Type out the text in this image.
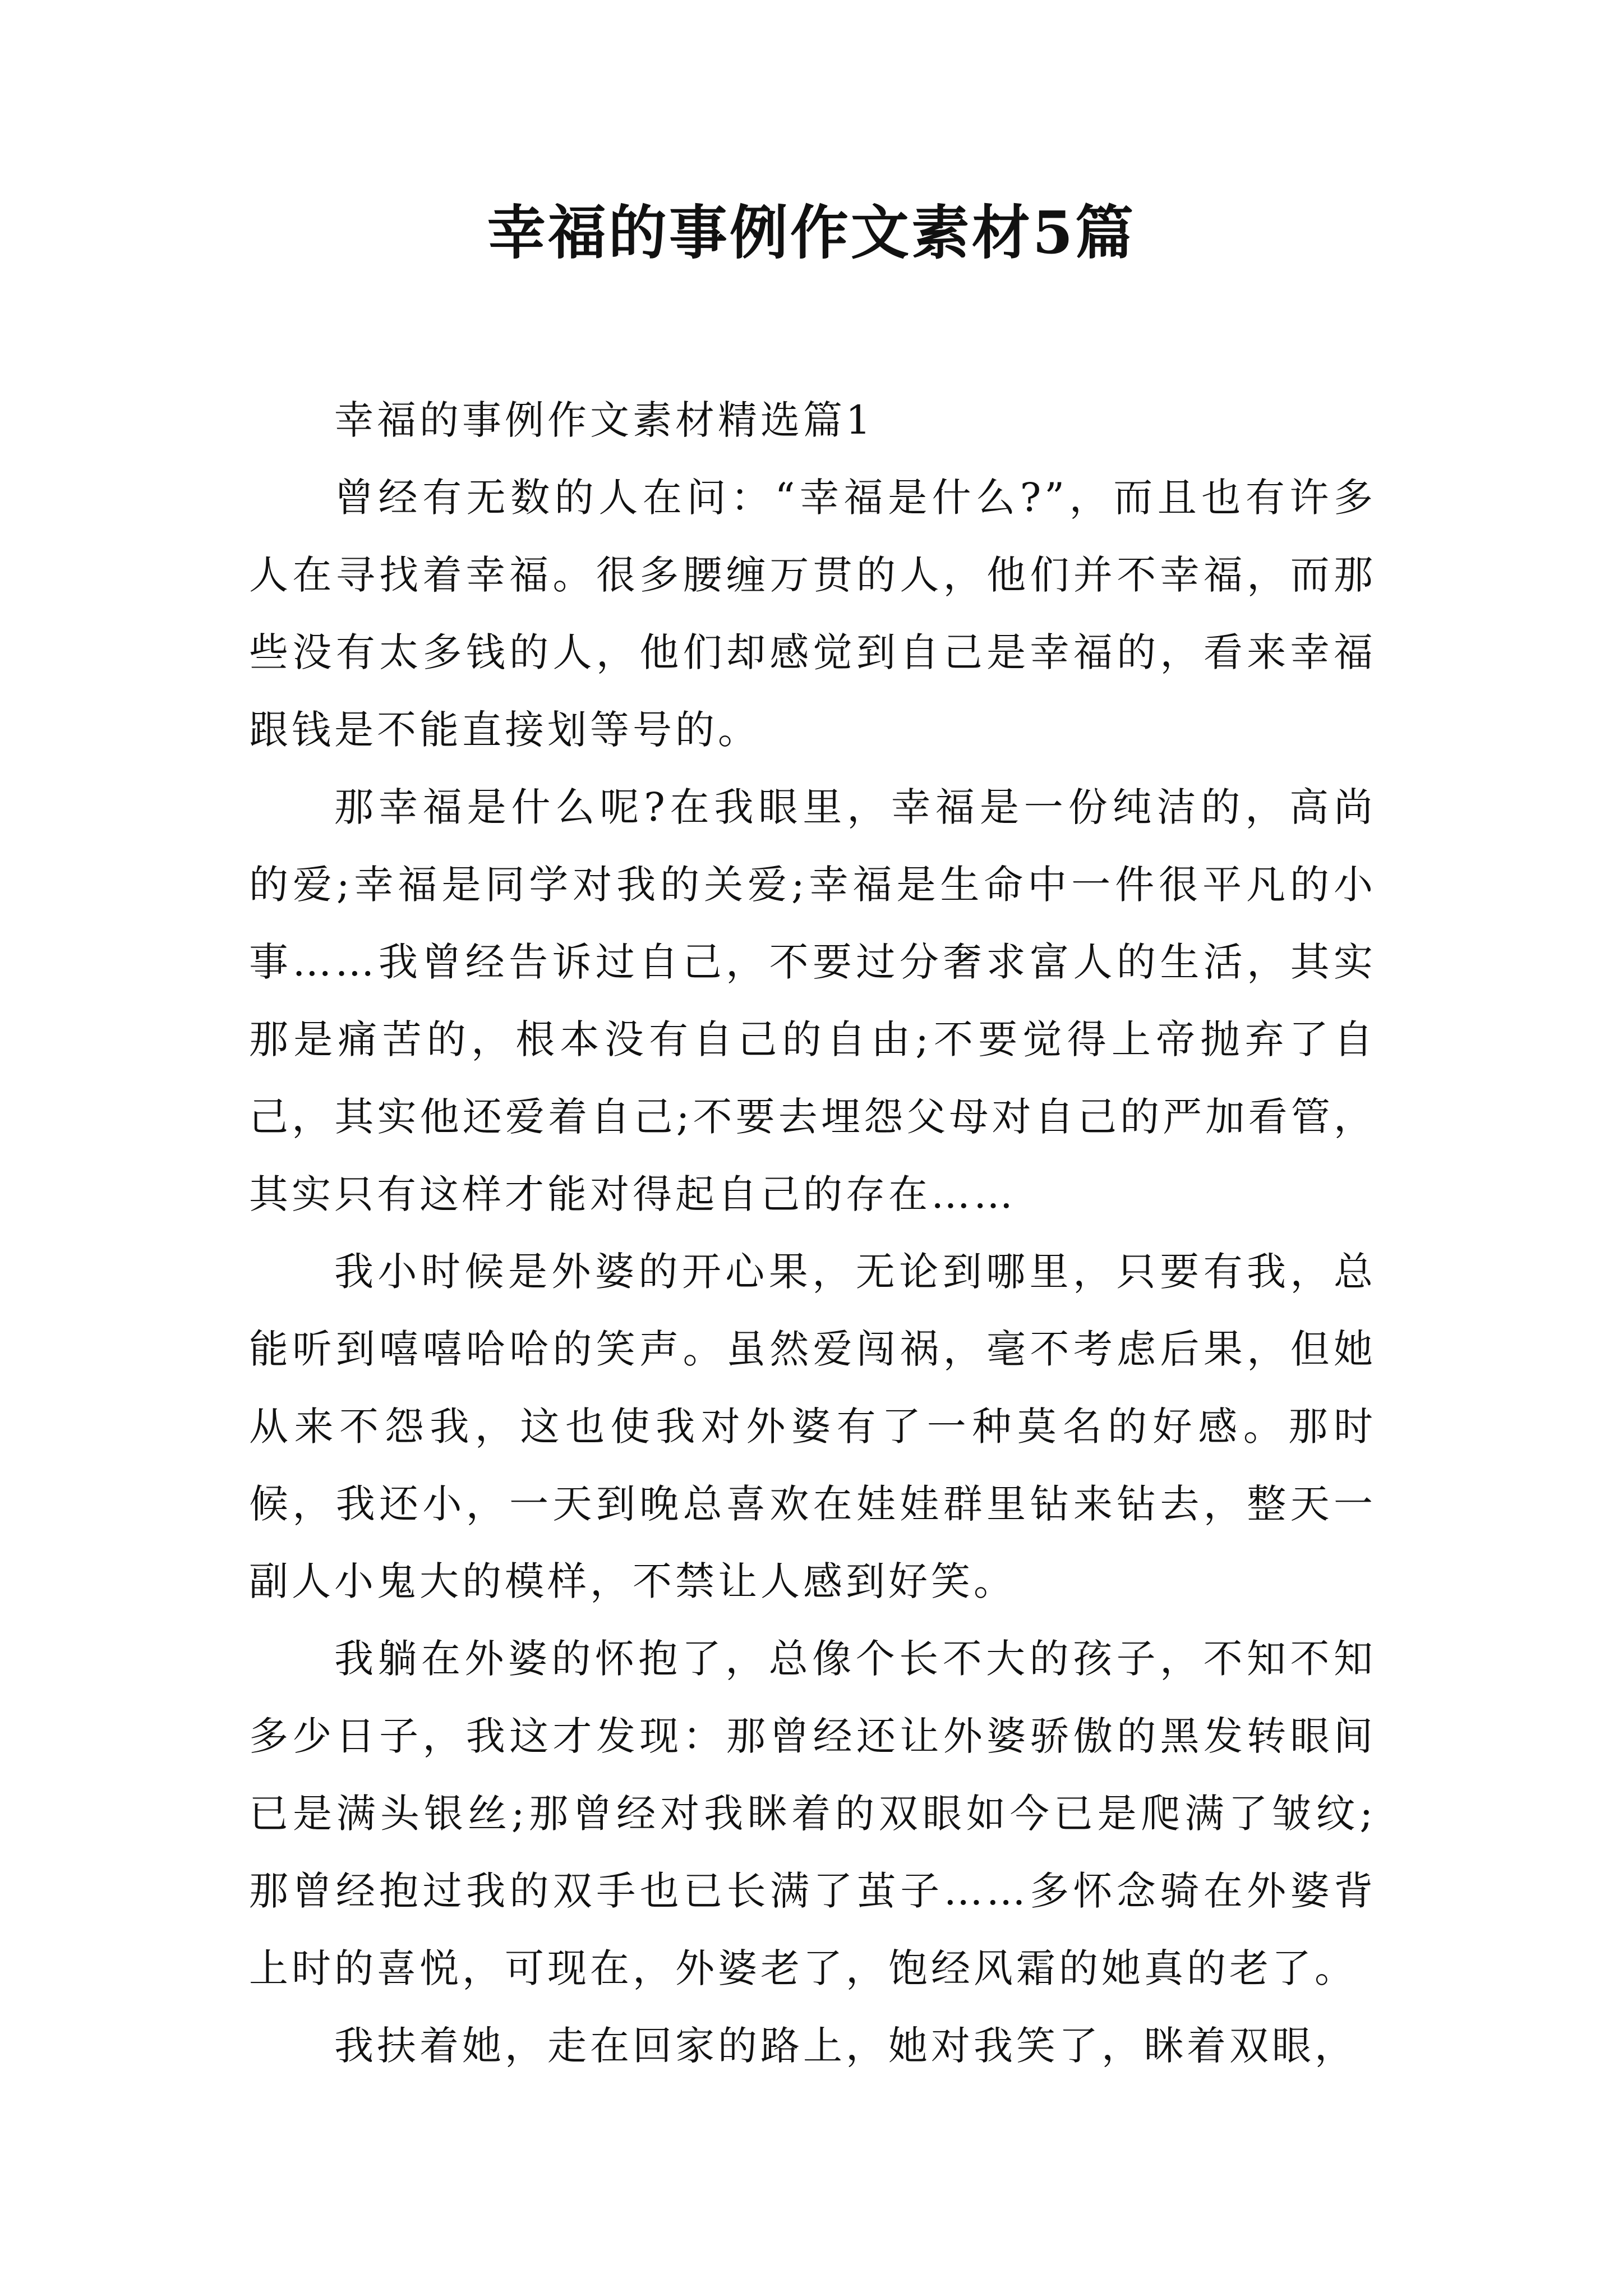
幸福的事例作文素材5篇

幸福的事例作文素材精选篇1

曾经有无数的人在问：“幸福是什么?”，而且也有许多人在寻找着幸福。很多腰缠万贯的人，他们并不幸福，而那些没有太多钱的人，他们却感觉到自己是幸福的，看来幸福跟钱是不能直接划等号的。

那幸福是什么呢?在我眼里，幸福是一份纯洁的，高尚的爱;幸福是同学对我的关爱;幸福是生命中一件很平凡的小事……我曾经告诉过自己，不要过分奢求富人的生活，其实那是痛苦的，根本没有自己的自由;不要觉得上帝抛弃了自己，其实他还爱着自己;不要去埋怨父母对自己的严加看管，其实只有这样才能对得起自己的存在……

我小时候是外婆的开心果，无论到哪里，只要有我，总能听到嘻嘻哈哈的笑声。虽然爱闯祸，毫不考虑后果，但她从来不怨我，这也使我对外婆有了一种莫名的好感。那时候，我还小，一天到晚总喜欢在娃娃群里钻来钻去，整天一副人小鬼大的模样，不禁让人感到好笑。

我躺在外婆的怀抱了，总像个长不大的孩子，不知不知多少日子，我这才发现：那曾经还让外婆骄傲的黑发转眼间已是满头银丝;那曾经对我眯着的双眼如今已是爬满了皱纹;那曾经抱过我的双手也已长满了茧子……多怀念骑在外婆背上时的喜悦，可现在，外婆老了，饱经风霜的她真的老了。

我扶着她，走在回家的路上，她对我笑了，眯着双眼，
